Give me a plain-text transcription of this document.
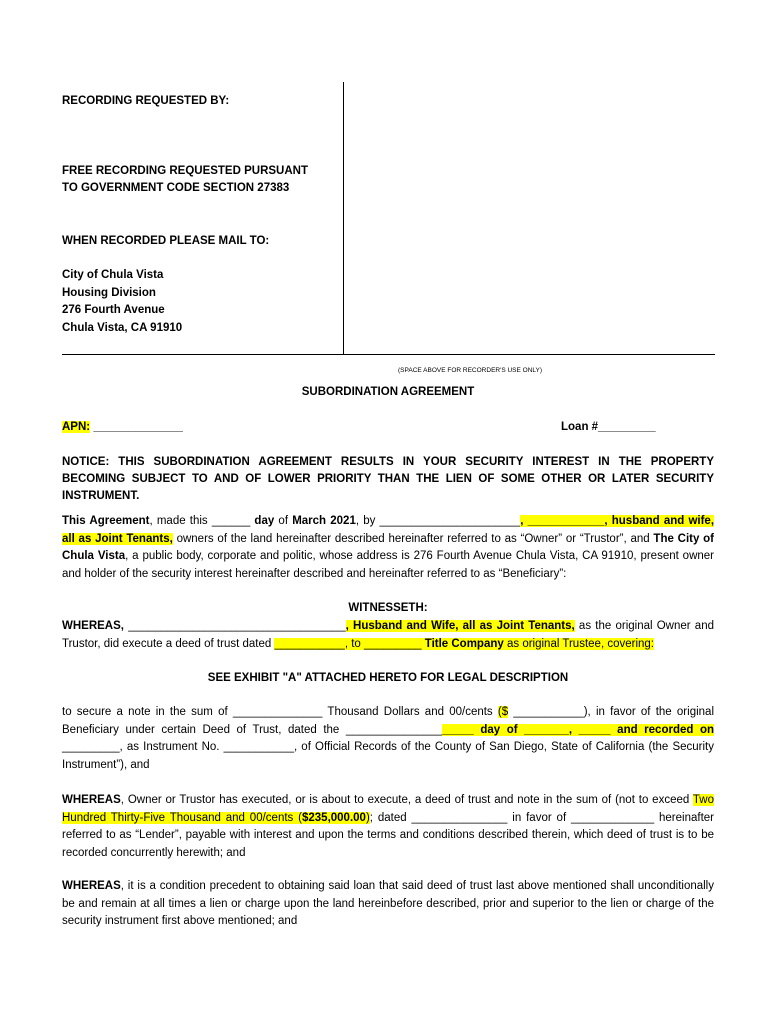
RECORDING REQUESTED BY:
FREE RECORDING REQUESTED PURSUANT
TO GOVERNMENT CODE SECTION 27383
WHEN RECORDED PLEASE MAIL TO:
City of Chula Vista
Housing Division
276 Fourth Avenue
Chula Vista, CA 91910
(SPACE ABOVE FOR RECORDER'S USE ONLY)
SUBORDINATION AGREEMENT
APN: ______________	Loan #_________
NOTICE: THIS SUBORDINATION AGREEMENT RESULTS IN YOUR SECURITY INTEREST IN THE PROPERTY BECOMING SUBJECT TO AND OF LOWER PRIORITY THAN THE LIEN OF SOME OTHER OR LATER SECURITY INSTRUMENT.
This Agreement, made this ______ day of March 2021, by ______________________, ____________, husband and wife, all as Joint Tenants, owners of the land hereinafter described hereinafter referred to as “Owner” or “Trustor”, and The City of Chula Vista, a public body, corporate and politic, whose address is 276 Fourth Avenue Chula Vista, CA 91910, present owner and holder of the security interest hereinafter described and hereinafter referred to as “Beneficiary”:
WITNESSETH:
WHEREAS, __________________________________, Husband and Wife, all as Joint Tenants, as the original Owner and Trustor, did execute a deed of trust dated ___________, to _________ Title Company as original Trustee, covering:
SEE EXHIBIT "A" ATTACHED HERETO FOR LEGAL DESCRIPTION
to secure a note in the sum of ______________ Thousand Dollars and 00/cents ($ ___________), in favor of the original Beneficiary under certain Deed of Trust, dated the ____________________ day of _______, _____ and recorded on _________, as Instrument No. ___________, of Official Records of the County of San Diego, State of California (the Security Instrument”), and
WHEREAS, Owner or Trustor has executed, or is about to execute, a deed of trust and note in the sum of (not to exceed Two Hundred Thirty-Five Thousand and 00/cents ($235,000.00); dated _______________ in favor of _____________ hereinafter referred to as “Lender”, payable with interest and upon the terms and conditions described therein, which deed of trust is to be recorded concurrently herewith; and
WHEREAS, it is a condition precedent to obtaining said loan that said deed of trust last above mentioned shall unconditionally be and remain at all times a lien or charge upon the land hereinbefore described, prior and superior to the lien or charge of the security instrument first above mentioned; and
